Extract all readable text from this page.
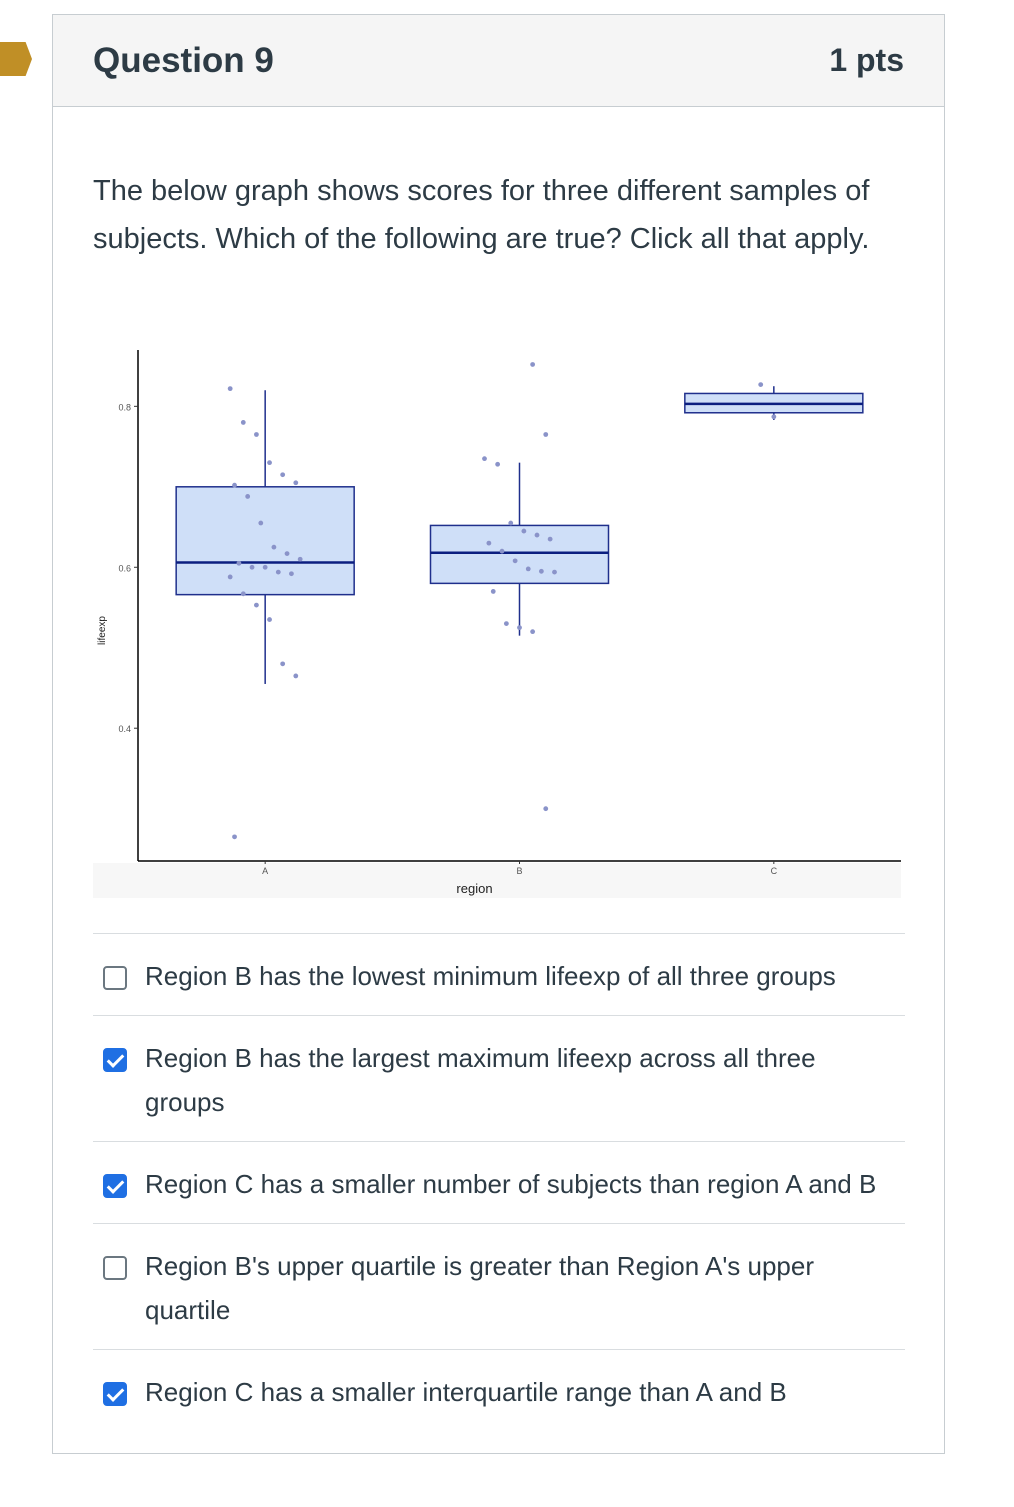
Question 9	1 pts
The below graph shows scores for three different samples of subjects. Which of the following are true? Click all that apply.
0.4
0.6
0.8
lifeexp
A	B	C
region
Region B has the lowest minimum lifeexp of all three groups
Region B has the largest maximum lifeexp across all three groups
Region C has a smaller number of subjects than region A and B
Region B's upper quartile is greater than Region A's upper quartile
Region C has a smaller interquartile range than A and B
